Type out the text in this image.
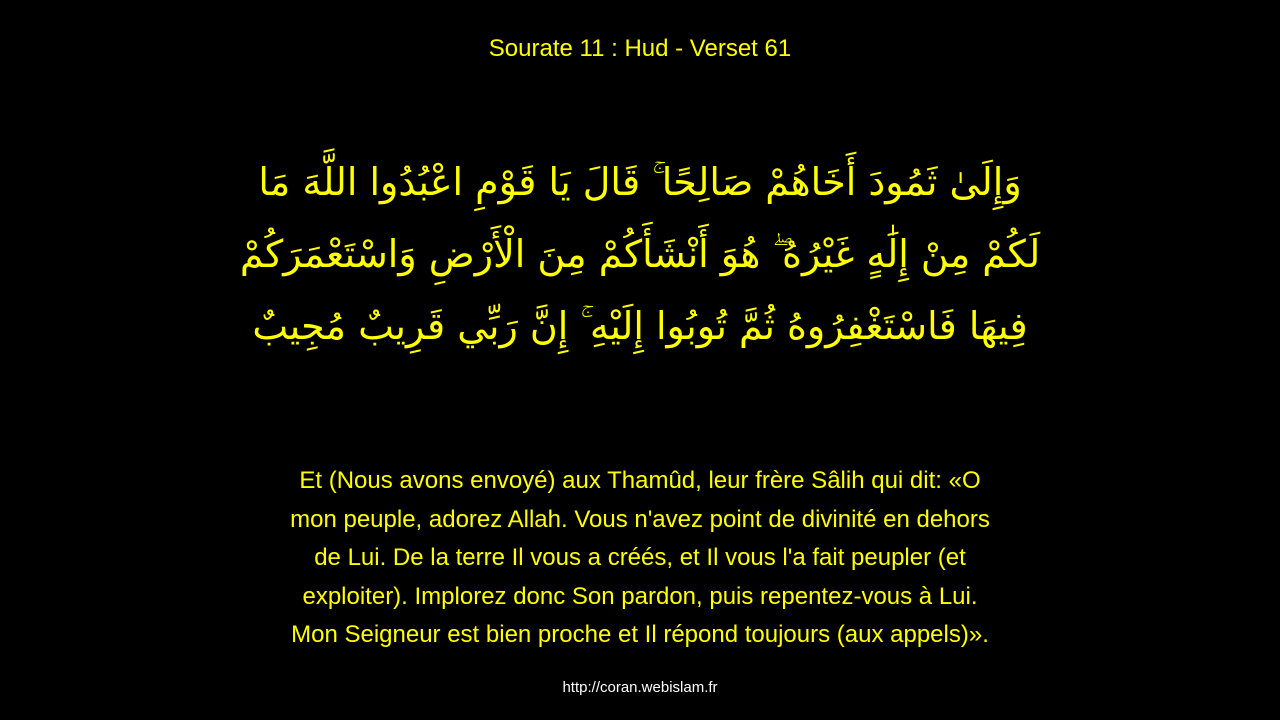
Sourate 11 : Hud - Verset 61
وَإِلَىٰ ثَمُودَ أَخَاهُمْ صَالِحًا ۚ قَالَ يَا قَوْمِ اعْبُدُوا اللَّهَ مَا
لَكُمْ مِنْ إِلَٰهٍ غَيْرُهُ ۖ هُوَ أَنْشَأَكُمْ مِنَ الْأَرْضِ وَاسْتَعْمَرَكُمْ
فِيهَا فَاسْتَغْفِرُوهُ ثُمَّ تُوبُوا إِلَيْهِ ۚ إِنَّ رَبِّي قَرِيبٌ مُجِيبٌ
Et (Nous avons envoyé) aux Thamûd, leur frère Sâlih qui dit: «O
mon peuple, adorez Allah. Vous n'avez point de divinité en dehors
de Lui. De la terre Il vous a créés, et Il vous l'a fait peupler (et
exploiter). Implorez donc Son pardon, puis repentez-vous à Lui.
Mon Seigneur est bien proche et Il répond toujours (aux appels)».
http://coran.webislam.fr
